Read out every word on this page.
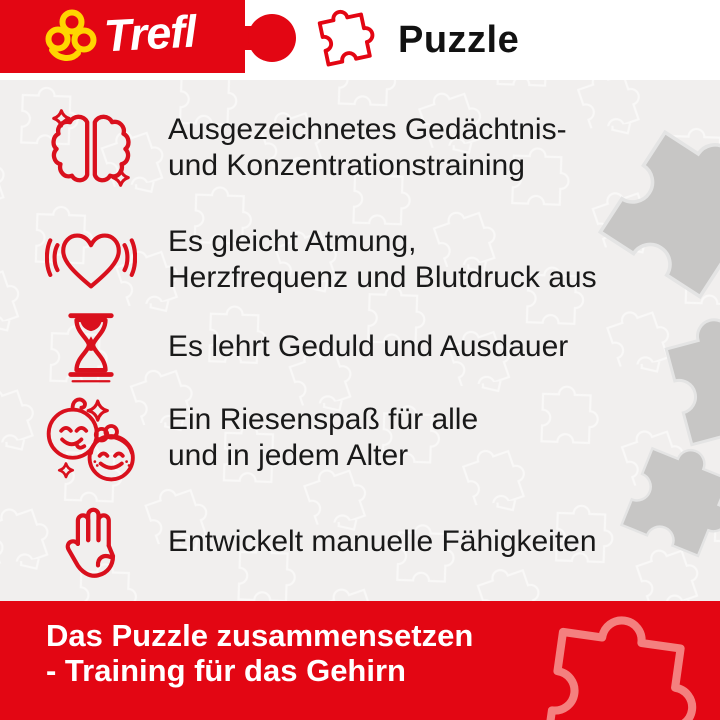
Ausgezeichnetes Gedächtnis-
und Konzentrationstraining
Es gleicht Atmung,
Herzfrequenz und Blutdruck aus
Es lehrt Geduld und Ausdauer
Ein Riesenspaß für alle
und in jedem Alter
Entwickelt manuelle Fähigkeiten
Trefl	Puzzle
Das Puzzle zusammensetzen
- Training für das Gehirn
